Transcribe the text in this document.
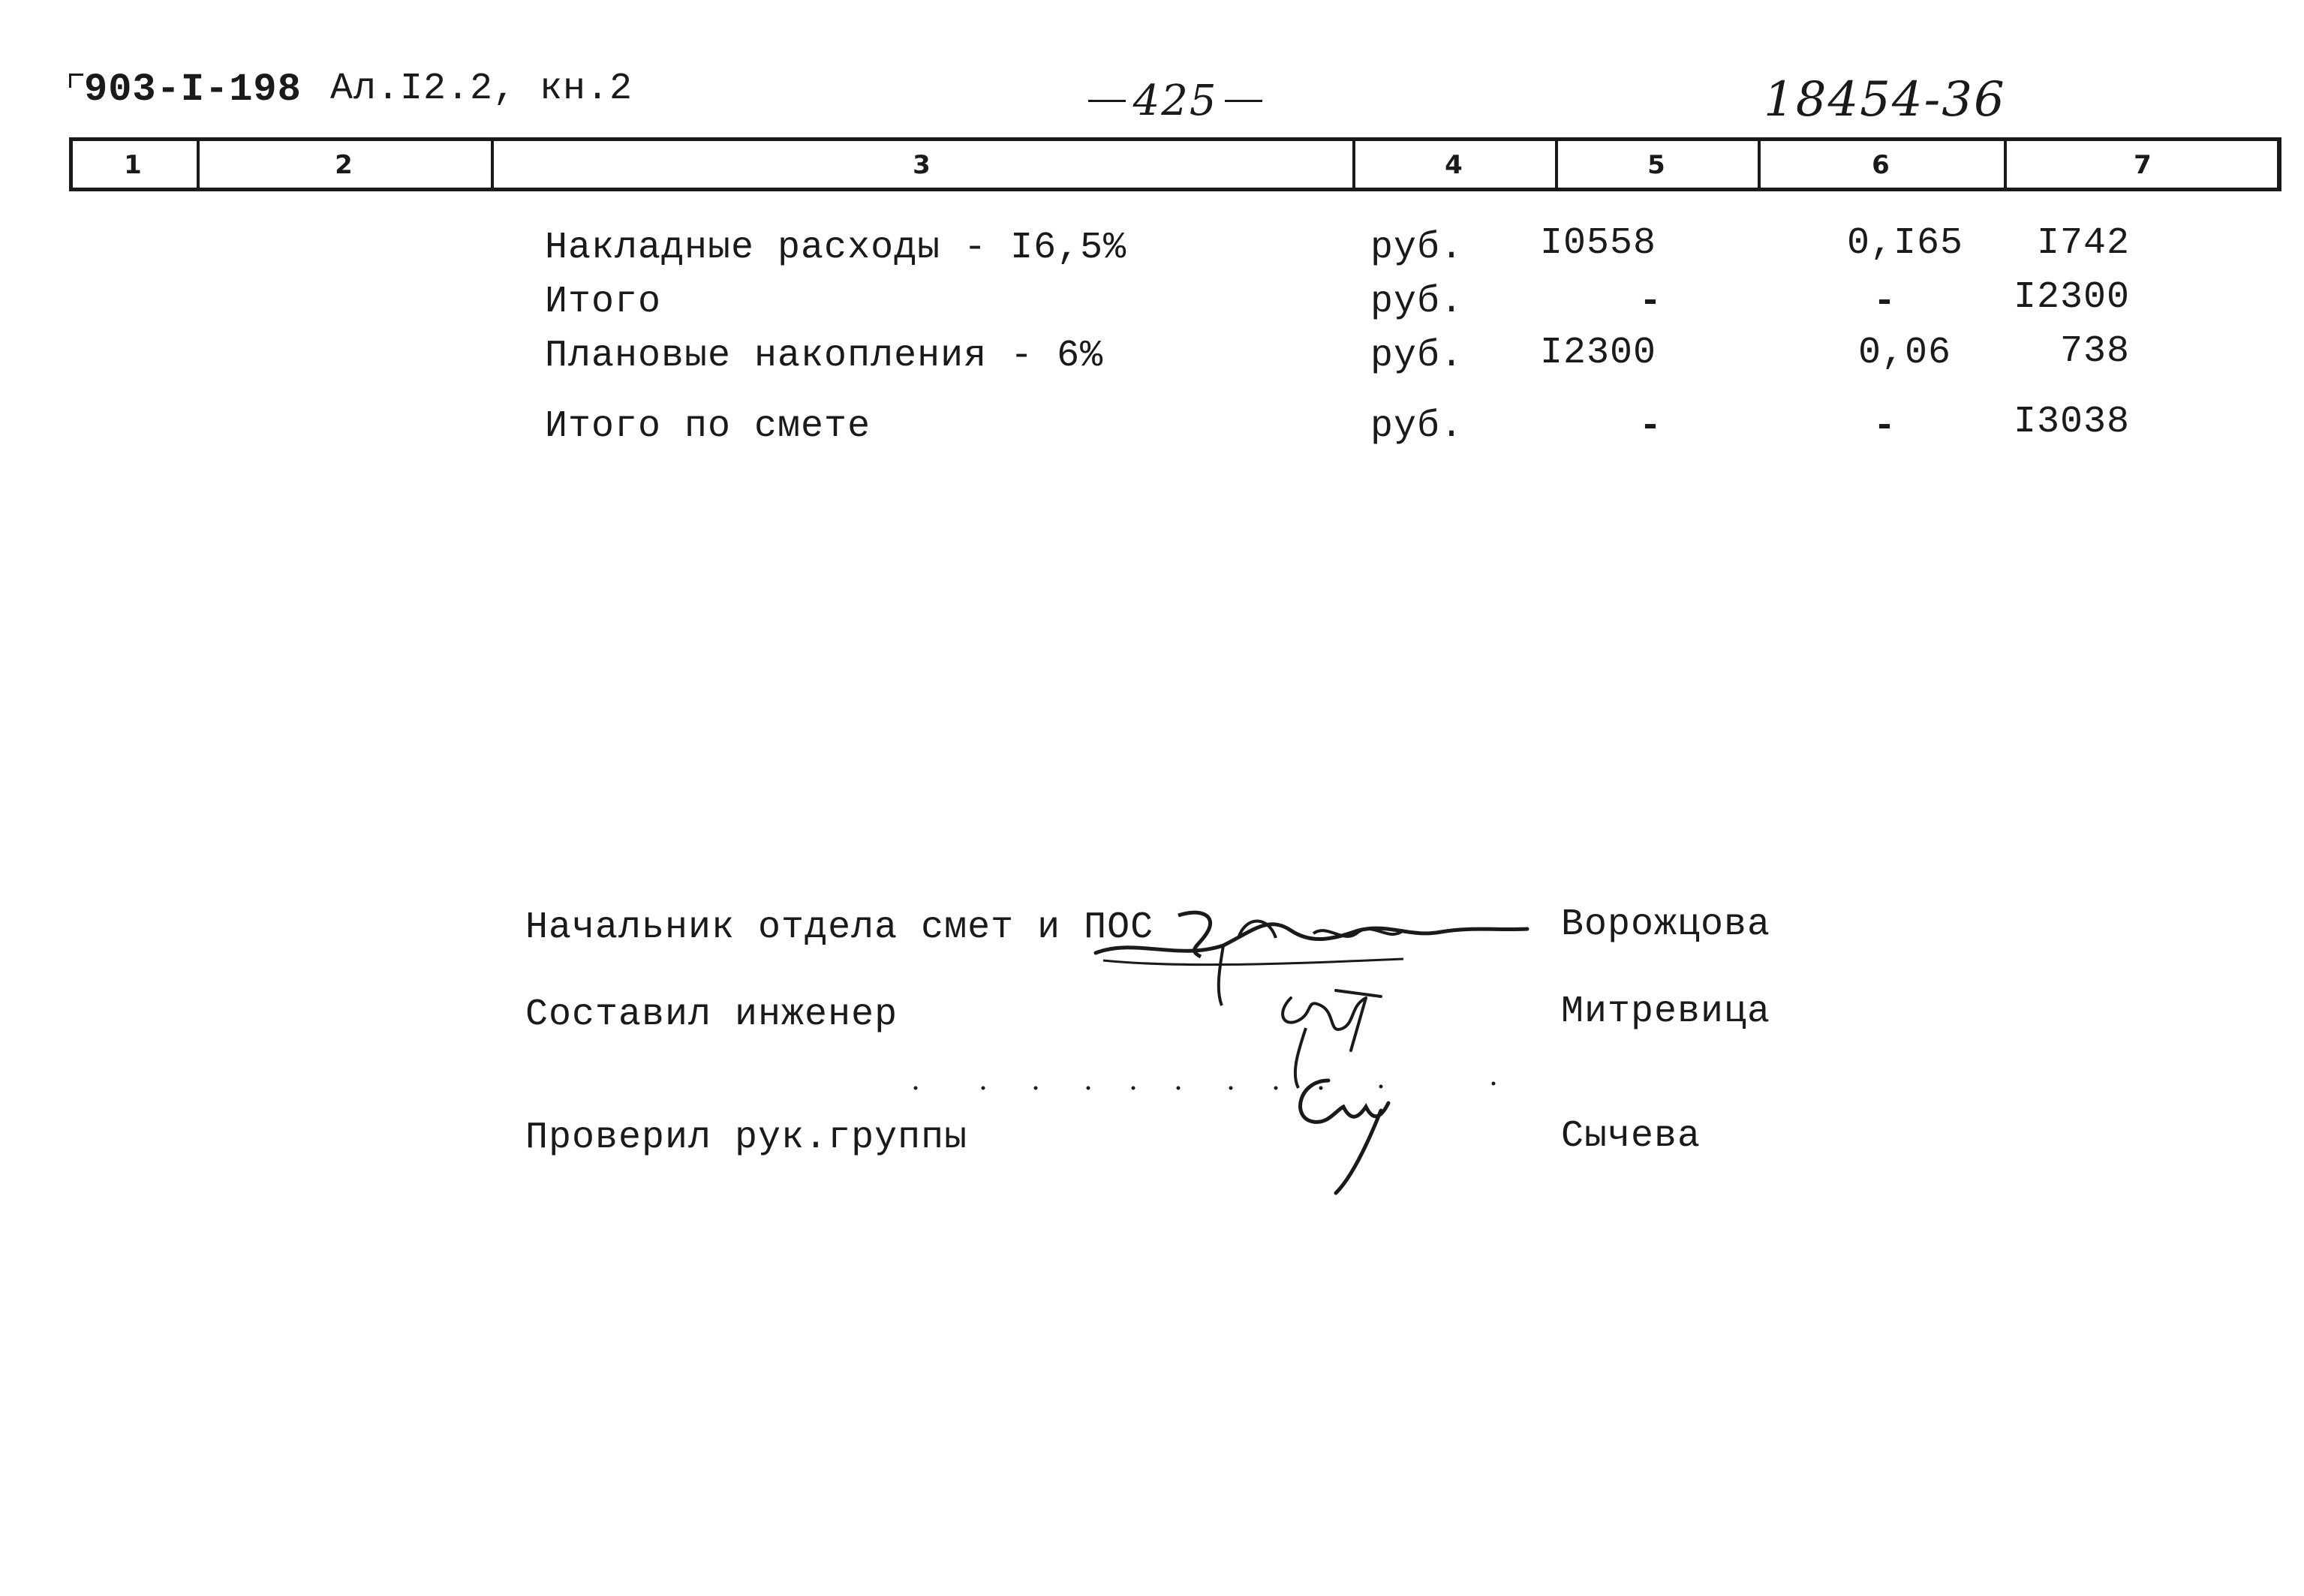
903-I-198 Ал.I2.2, кн.2	425	18454-36
1	2	3	4	5	6	7
Накладные расходы - I6,5%	руб. I0558	0,I65	I742
Итого	руб.	-	-	I2300
Плановые накопления - 6%	руб. I2300	0,06	738
Итого по смете	руб.	-	-	I3038
Начальник отдела смет и ПОС	Ворожцова
Составил инженер	Митревица
Проверил рук.группы	Сычева
